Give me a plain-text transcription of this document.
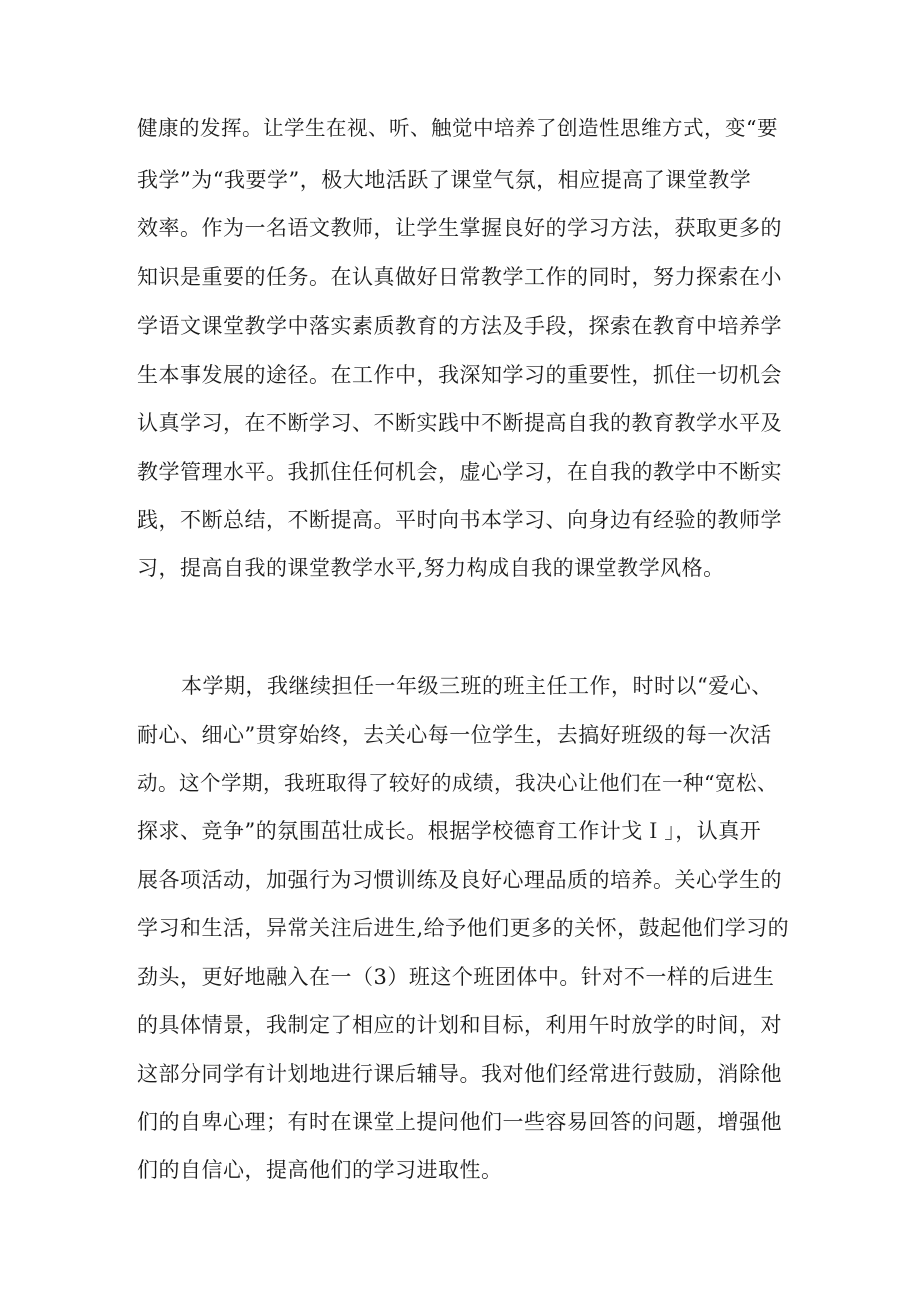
健康的发挥。让学生在视、听、触觉中培养了创造性思维方式，变“要
我学”为“我要学”，极大地活跃了课堂气氛，相应提高了课堂教学
效率。作为一名语文教师，让学生掌握良好的学习方法，获取更多的
知识是重要的任务。在认真做好日常教学工作的同时，努力探索在小
学语文课堂教学中落实素质教育的方法及手段，探索在教育中培养学
生本事发展的途径。在工作中，我深知学习的重要性，抓住一切机会
认真学习，在不断学习、不断实践中不断提高自我的教育教学水平及
教学管理水平。我抓住任何机会，虚心学习，在自我的教学中不断实
践，不断总结，不断提高。平时向书本学习、向身边有经验的教师学
习，提高自我的课堂教学水平,努力构成自我的课堂教学风格。
本学期，我继续担任一年级三班的班主任工作，时时以“爱心、
耐心、细心”贯穿始终，去关心每一位学生，去搞好班级的每一次活
动。这个学期，我班取得了较好的成绩，我决心让他们在一种“宽松、
探求、竞争”的氛围茁壮成长。根据学校德育工作计戈Ｉ」，认真开
展各项活动，加强行为习惯训练及良好心理品质的培养。关心学生的
学习和生活，异常关注后进生,给予他们更多的关怀，鼓起他们学习的
劲头，更好地融入在一（3）班这个班团体中。针对不一样的后进生
的具体情景，我制定了相应的计划和目标，利用午时放学的时间，对
这部分同学有计划地进行课后辅导。我对他们经常进行鼓励，消除他
们的自卑心理；有时在课堂上提问他们一些容易回答的问题，增强他
们的自信心，提高他们的学习进取性。
